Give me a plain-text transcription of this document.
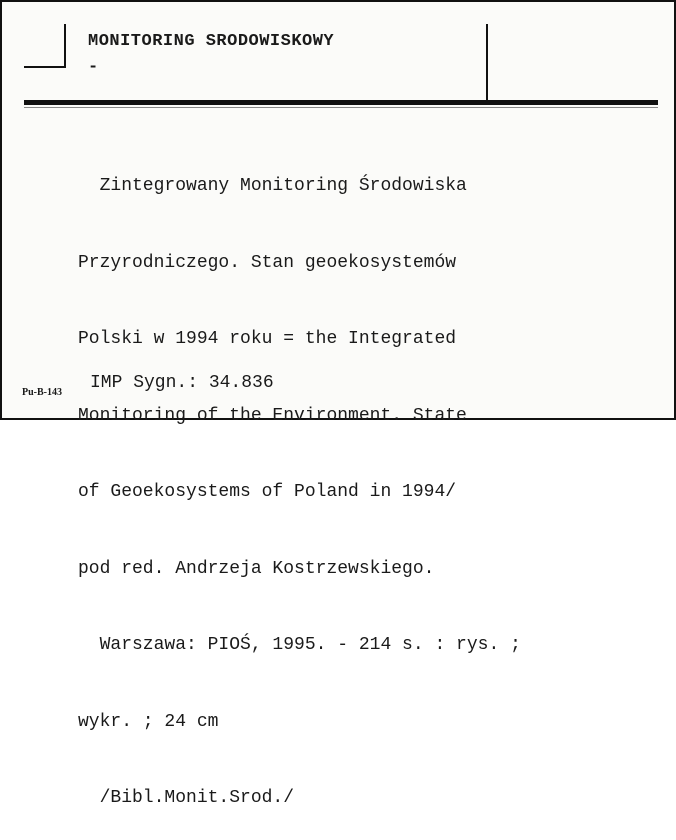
MONITORING SRODOWISKOWY
-

Zintegrowany Monitoring Środowiska

Przyrodniczego. Stan geoekosystemów

Polski w 1994 roku = the Integrated

Monitoring of the Environment. State

of Geoekosystems of Poland in 1994/

pod red. Andrzeja Kostrzewskiego.

Warszawa: PIOŚ, 1995. - 214 s. : rys. ;

wykr. ; 24 cm

/Bibl.Monit.Srod./

Pu-B-143 IMP Sygn.: 34.836
